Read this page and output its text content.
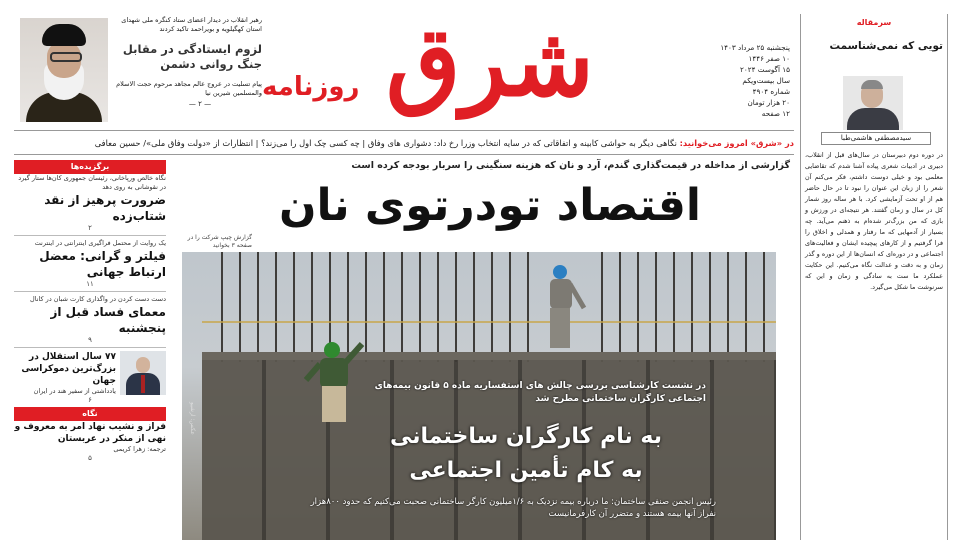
رهبر انقلاب در دیدار اعضای ستاد کنگره ملی شهدای استان کهگیلویه و بویراحمد تاکید کردند
لزوم ایستادگی در مقابل جنگ روانی دشمن
پیام تسلیت در عروج عالم مجاهد مرحوم حجت الاسلام والمسلمین شیرین نیا
— ۲ —	شرق
روزنامه
پنجشنبه ۲۵ مرداد ۱۴۰۳
۱۰ صفر ۱۴۴۶
۱۵ آگوست ۲۰۲۴
سال بیست‌ویکم
شماره ۴۹۰۴
۲۰ هزار تومان
۱۲ صفحه
در «شرق» امروز می‌خوانید: نگاهی دیگر به حواشی کابینه و اتفاقاتی که در سایه انتخاب وزرا رخ داد: دشواری های وفاق | چه کسی چک اول را می‌زند؟ | انتظارات از «دولت وفاق ملی»/ حسین معافی
برگزیده‌ها
نگاه خالص ورپاخانی، رئیسان جمهوری کان‌ها ستار گیرد در نقوشانی به روی دهد
ضرورت پرهیز از نقد شتاب‌زده
۲
یک روایت از محتمل فراگیری اینترانتی در اینترنت
فیلتر و گرانی: معضل ارتباط جهانی
۱۱
دست دست کردن در واگذاری کارت شبان در کانال
معمای فساد قبل از پنجشنبه
۹
۷۷ سال استقلال در بزرگ‌ترین دموکراسی جهان
یادداشتی از سفیر هند در ایران
۶
نگاه
فراز و نشیب نهاد امر به معروف و نهی از منکر در عربستان
ترجمه: زهرا کریمی
۵
گزارشی از مداخله در قیمت‌گذاری گندم، آرد و نان که هزینه سنگینی را سربار بودجه کرده است
اقتصاد تودرتوی نان
گزارش چیپ شرکت را در صفحه ۳ بخوانید
در نشست کارشناسی بررسی چالش های استفساریه ماده ۵ قانون بیمه‌های اجتماعی کارگران ساختمانی مطرح شد
به نام کارگران ساختمانی
به کام تأمین اجتماعی
رئیس انجمن صنفی ساختمان: ما درباره بیمه نزدیک به ۱/۶میلیون کارگر ساختمانی صحبت می‌کنیم که حدود ۸۰۰هزار نفراز آنها بیمه هستند و متضرر آن کارفرمانیست
عکس: ارشیو
سرمقاله
تویی که نمی‌شناسمت
سیدمصطفی هاشمی‌طبا
در دوره دوم دبیرستان در سال‌های قبل از انقلاب، دبیری در ادبیات شعری پیاده آشنا شدم که تقاضایی معلمی بود و خیلی دوست داشتم، فکر می‌کنم آن شعر را از زبان این عنوان را نبود تا در حال حاضر هم از او تحت آزمایشی کرد. با هر ساله روز شمار کل در سال و زمان گفتند. هر نتیجه‌ای در ورزش و بازی که من بزرگ‌تر شده‌ام به ذهنم می‌آید. چه بسیار از آدمهایی که ما رفتار و همدلی و اخلاق را فرا گرفتیم و از کارهای پیچیده ایشان و فعالیت‌های اجتماعی و در دوره‌ای که انسان‌ها از این دوره و گذر زمان و به دقت و عدالت نگاه می‌کنیم. این حکایت عملکرد ما ست به سادگی و زمان و این که سرنوشت ما شکل می‌گیرد.
